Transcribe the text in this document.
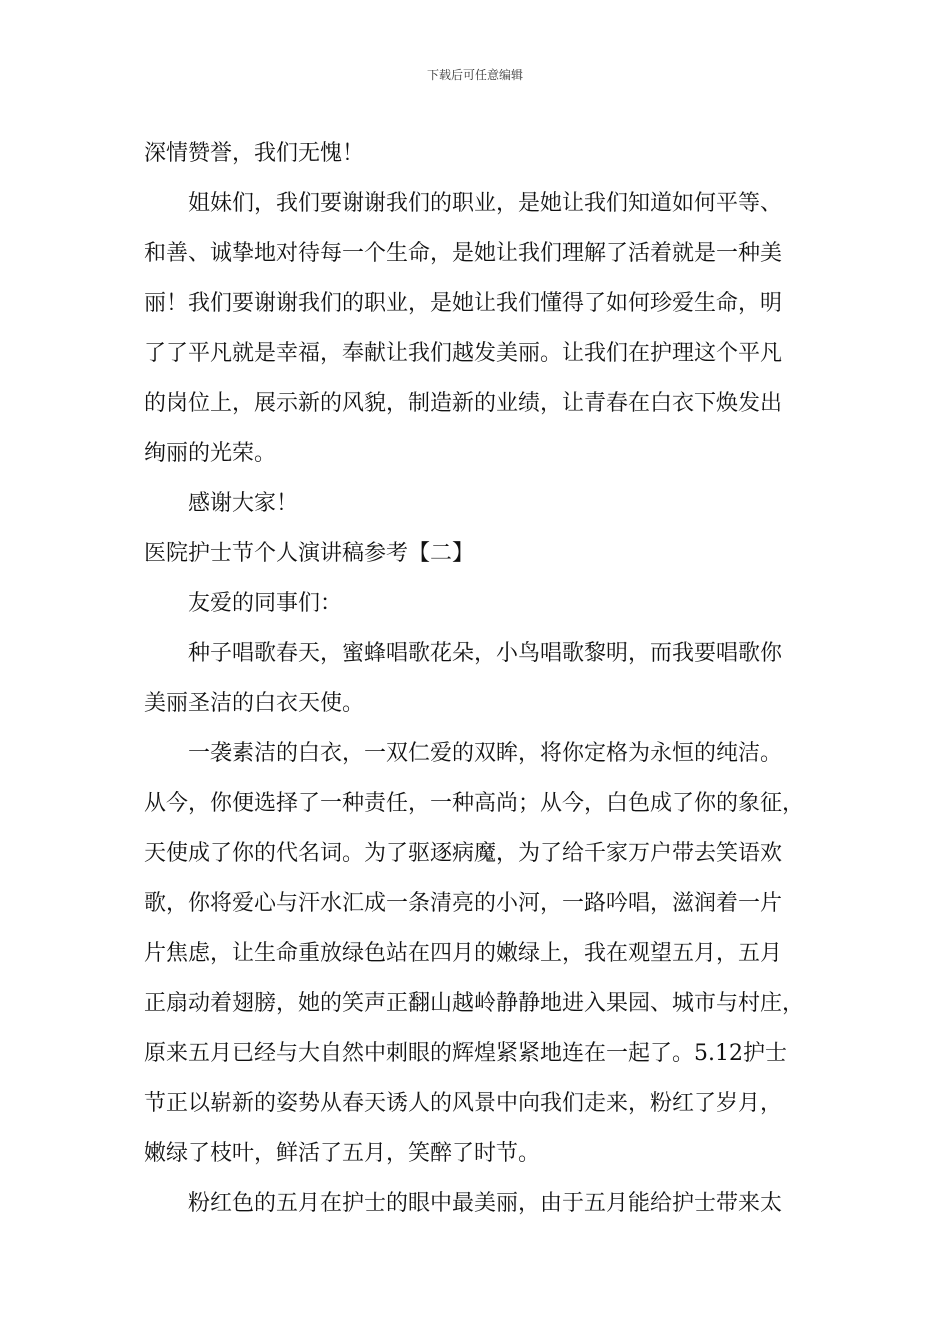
下载后可任意编辑
深情赞誉，我们无愧！
姐妹们，我们要谢谢我们的职业，是她让我们知道如何平等、
和善、诚挚地对待每一个生命，是她让我们理解了活着就是一种美
丽！我们要谢谢我们的职业，是她让我们懂得了如何珍爱生命，明
了了平凡就是幸福，奉献让我们越发美丽。让我们在护理这个平凡
的岗位上，展示新的风貌，制造新的业绩，让青春在白衣下焕发出
绚丽的光荣。
感谢大家！
医院护士节个人演讲稿参考【二】
友爱的同事们：
种子唱歌春天，蜜蜂唱歌花朵，小鸟唱歌黎明，而我要唱歌你
美丽圣洁的白衣天使。
一袭素洁的白衣，一双仁爱的双眸，将你定格为永恒的纯洁。
从今，你便选择了一种责任，一种高尚；从今，白色成了你的象征，
天使成了你的代名词。为了驱逐病魔，为了给千家万户带去笑语欢
歌，你将爱心与汗水汇成一条清亮的小河，一路吟唱，滋润着一片
片焦虑，让生命重放绿色站在四月的嫩绿上，我在观望五月，五月
正扇动着翅膀，她的笑声正翻山越岭静静地进入果园、城市与村庄，
原来五月已经与大自然中刺眼的辉煌紧紧地连在一起了。5.12护士
节正以崭新的姿势从春天诱人的风景中向我们走来，粉红了岁月，
嫩绿了枝叶，鲜活了五月，笑醉了时节。
粉红色的五月在护士的眼中最美丽，由于五月能给护士带来太
